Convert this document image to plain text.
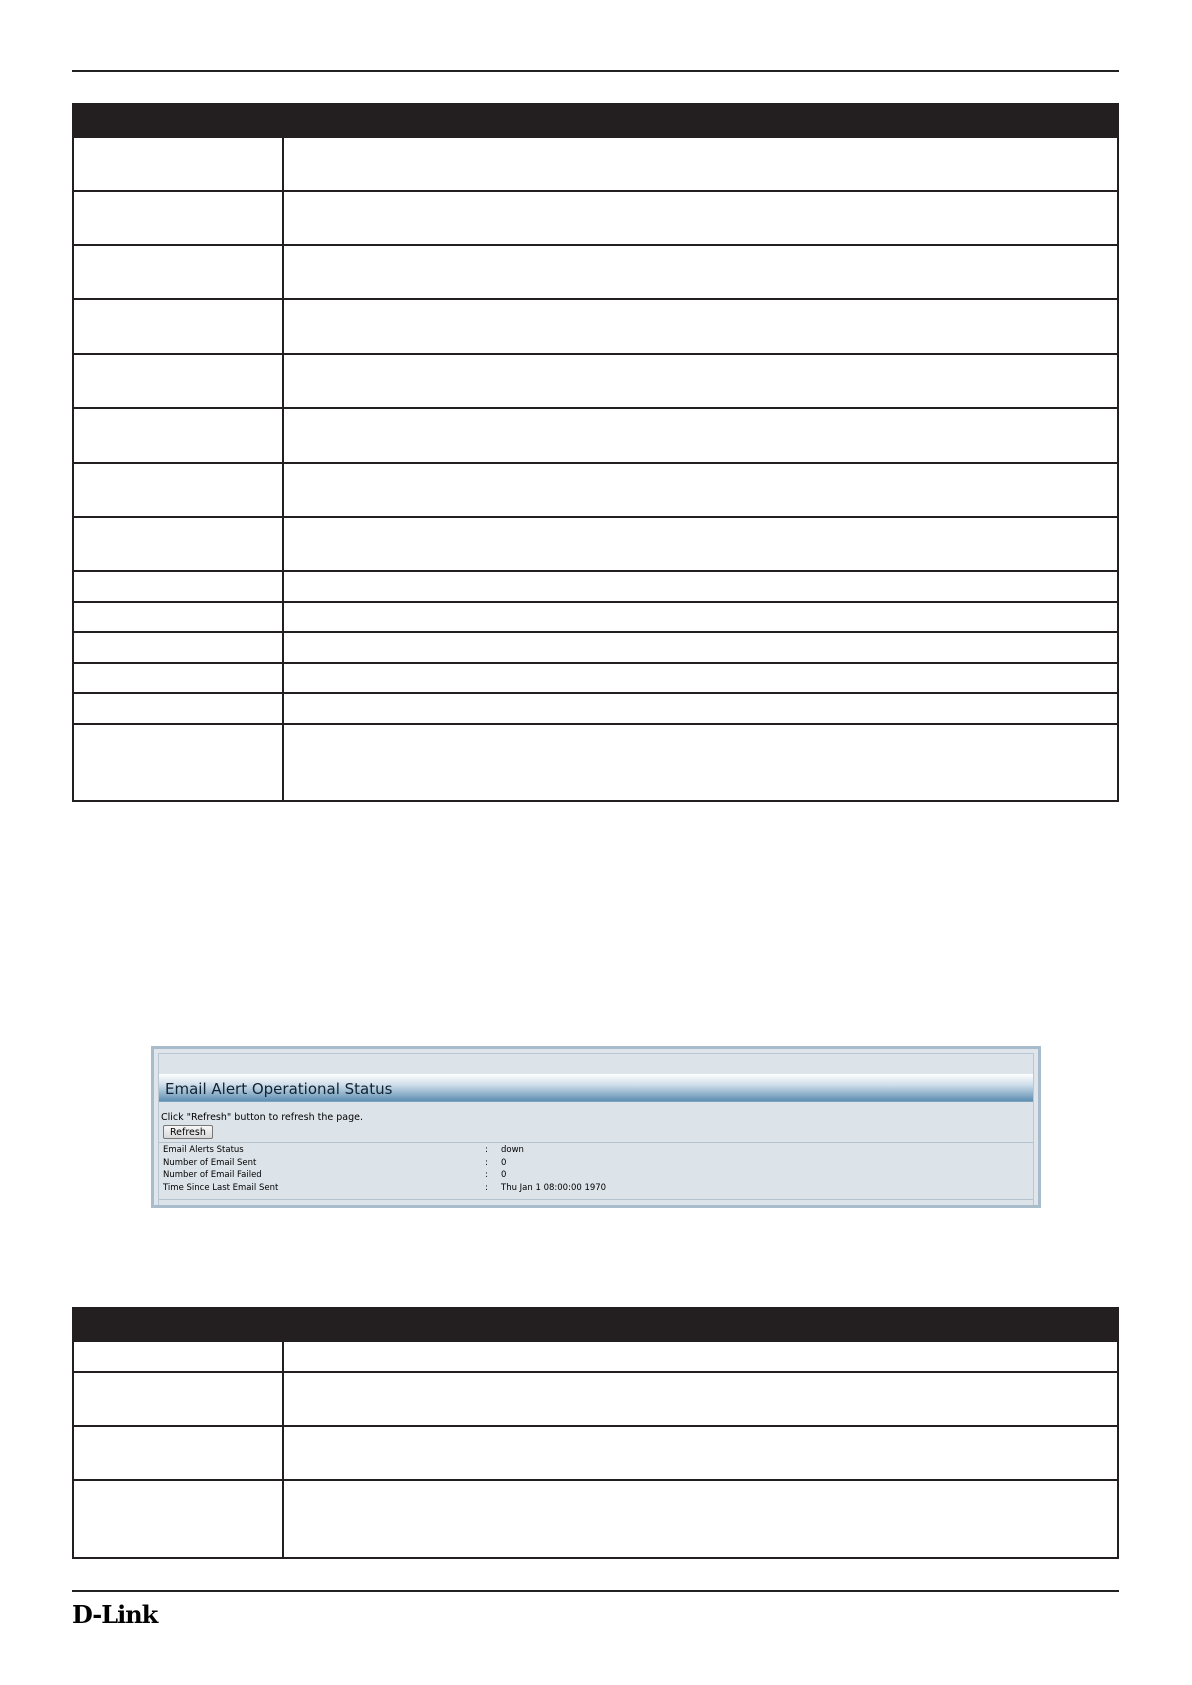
Email Alert Operational Status
Click "Refresh" button to refresh the page.
Refresh
Email Alerts Status	: down
Number of Email Sent	: 0
Number of Email Failed	: 0
Time Since Last Email Sent	: Thu Jan 1 08:00:00 1970

D-Link
